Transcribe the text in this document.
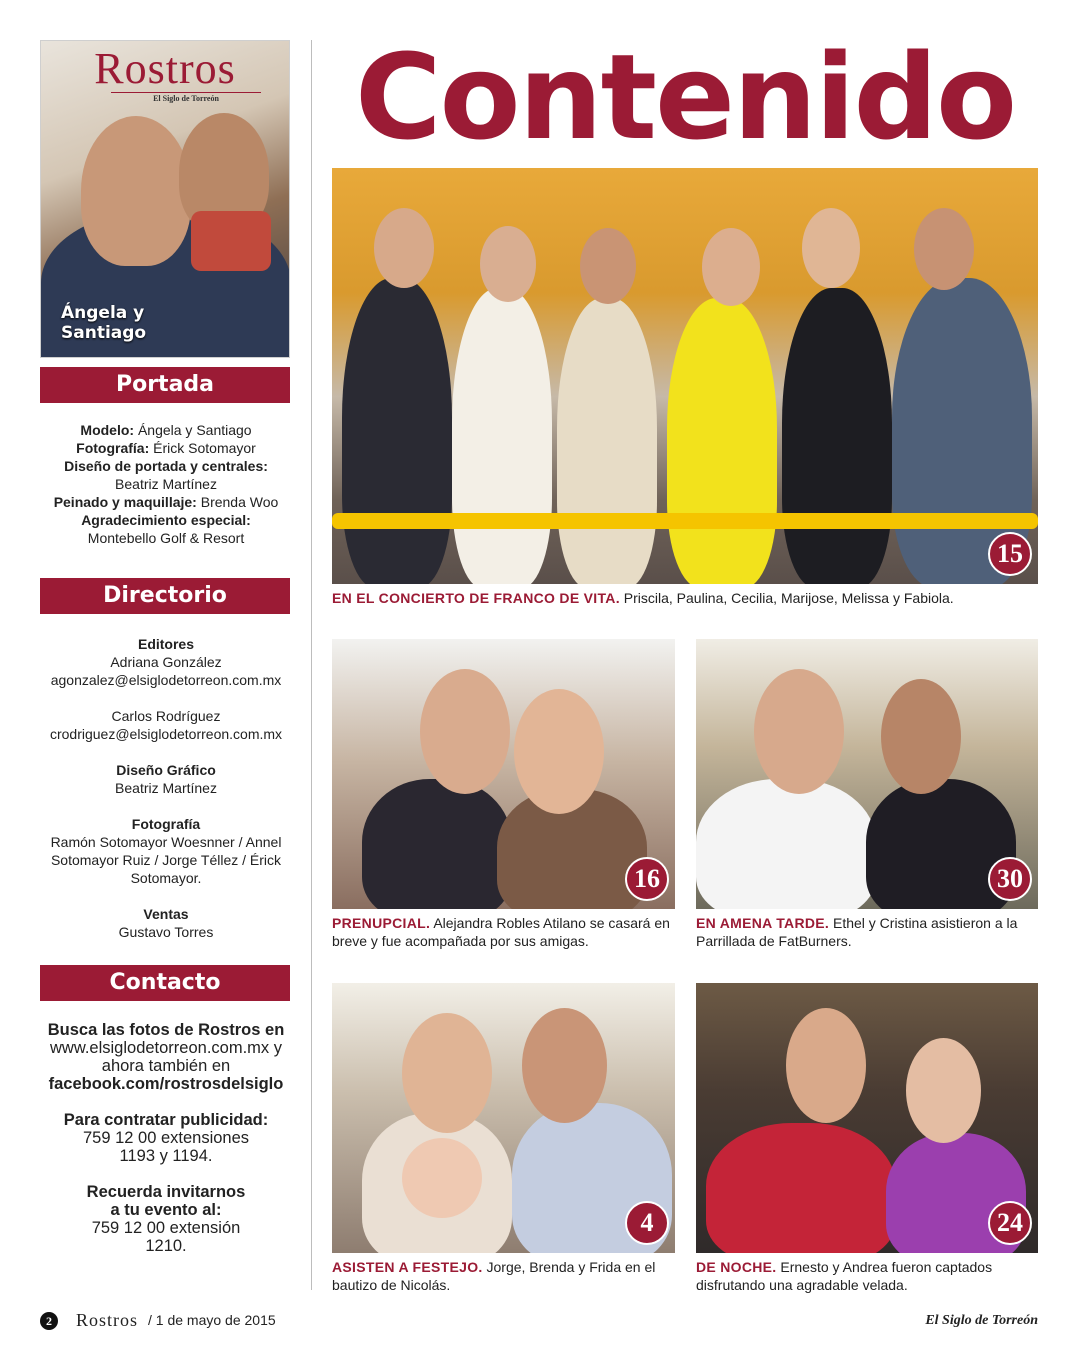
Rostros
El Siglo de Torreón
Ángela y
Santiago
Portada
Modelo: Ángela y Santiago
Fotografía: Érick Sotomayor
Diseño de portada y centrales:
Beatriz Martínez
Peinado y maquillaje: Brenda Woo
Agradecimiento especial:
Montebello Golf & Resort
Directorio
Editores
Adriana González
agonzalez@elsiglodetorreon.com.mx
Carlos Rodríguez
crodriguez@elsiglodetorreon.com.mx
Diseño Gráfico
Beatriz Martínez
Fotografía
Ramón Sotomayor Woesnner / Annel
Sotomayor Ruiz / Jorge Téllez / Érick
Sotomayor.
Ventas
Gustavo Torres
Contacto
Busca las fotos de Rostros en
www.elsiglodetorreon.com.mx y
ahora también en
facebook.com/rostrosdelsiglo
Para contratar publicidad:
759 12 00 extensiones
1193 y 1194.
Recuerda invitarnos
a tu evento al:
759 12 00 extensión
1210.
Contenido
15
EN EL CONCIERTO DE FRANCO DE VITA. Priscila, Paulina, Cecilia, Marijose, Melissa y Fabiola.
16
PRENUPCIAL. Alejandra Robles Atilano se casará en breve y fue acompañada por sus amigas.
30
EN AMENA TARDE. Ethel y Cristina asistieron a la Parrillada de FatBurners.
4
ASISTEN A FESTEJO. Jorge, Brenda y Frida en el bautizo de Nicolás.
24
DE NOCHE. Ernesto y Andrea fueron captados disfrutando una agradable velada.
2	Rostros / 1 de mayo de 2015	El Siglo de Torreón
